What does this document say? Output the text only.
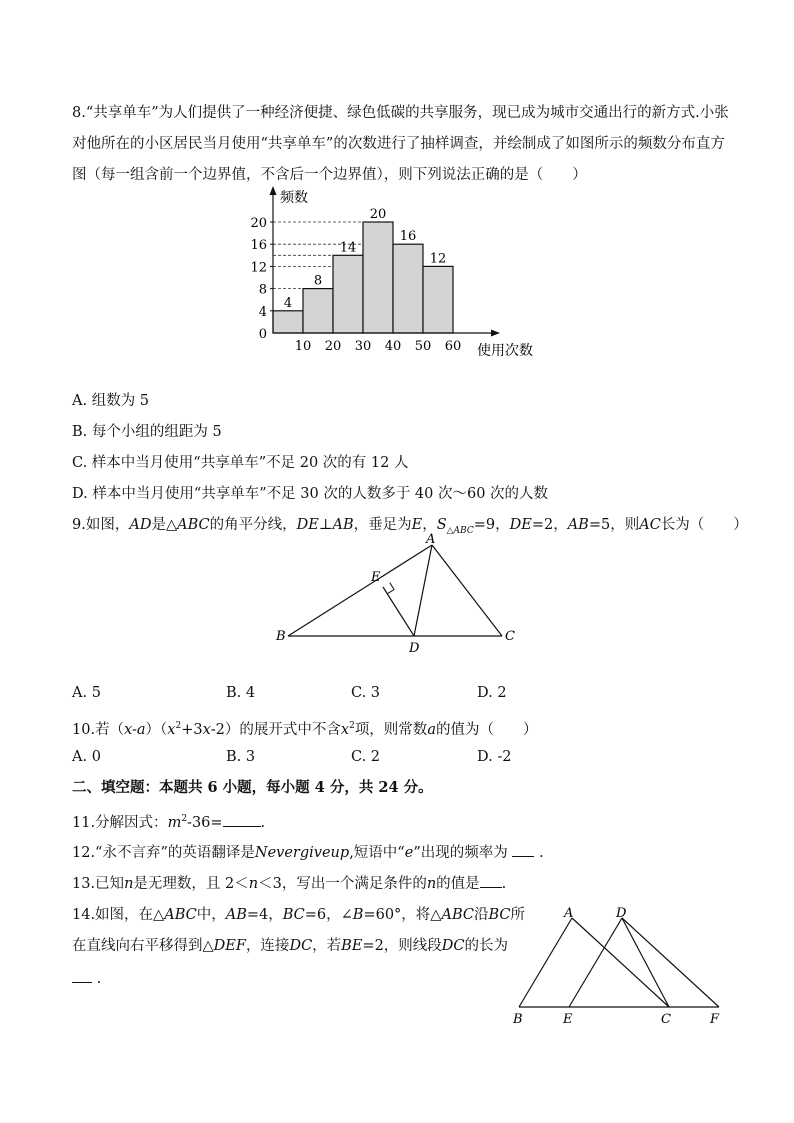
8.“共享单车”为人们提供了一种经济便捷、绿色低碳的共享服务，现已成为城市交通出行的新方式.小张
对他所在的小区居民当月使用“共享单车”的次数进行了抽样调查，并绘制成了如图所示的频数分布直方
图（每一组含前一个边界值，不含后一个边界值），则下列说法正确的是（　　）
0
4
8
12
16
20
10 20 30 40 50 60
4
8
14
20
16
12
频数
使用次数
A. 组数为 5
B. 每个小组的组距为 5
C. 样本中当月使用“共享单车”不足 20 次的有 12 人
D. 样本中当月使用“共享单车”不足 30 次的人数多于 40 次～60 次的人数
9.如图，AD是△ABC的角平分线，DE⊥AB，垂足为E，$S_{\triangle ABC}=9$，DE=2，AB=5，则AC长为（　　）
A
B	C
D
E
A. 5	B. 4	C. 3	D. 2
10.若$(x-a)(x^2+3x-2)$的展开式中不含$x^2$项，则常数a的值为（　　）
A. 0	B. 3	C. 2	D. -2
二、填空题：本题共 6 小题，每小题 4 分，共 24 分。
11.分解因式：$m^2-36=$	.
12.“永不言弃”的英语翻译是Nevergiveup,短语中“e”出现的频率为 .
13.已知n是无理数，且 2＜n＜3，写出一个满足条件的n的值是 .
14.如图，在△ABC中，AB=4，BC=6，∠B=60°，将△ABC沿BC所
在直线向右平移得到△DEF，连接DC，若BE=2，则线段DC的长为
.
A	D
B	E	C	F
